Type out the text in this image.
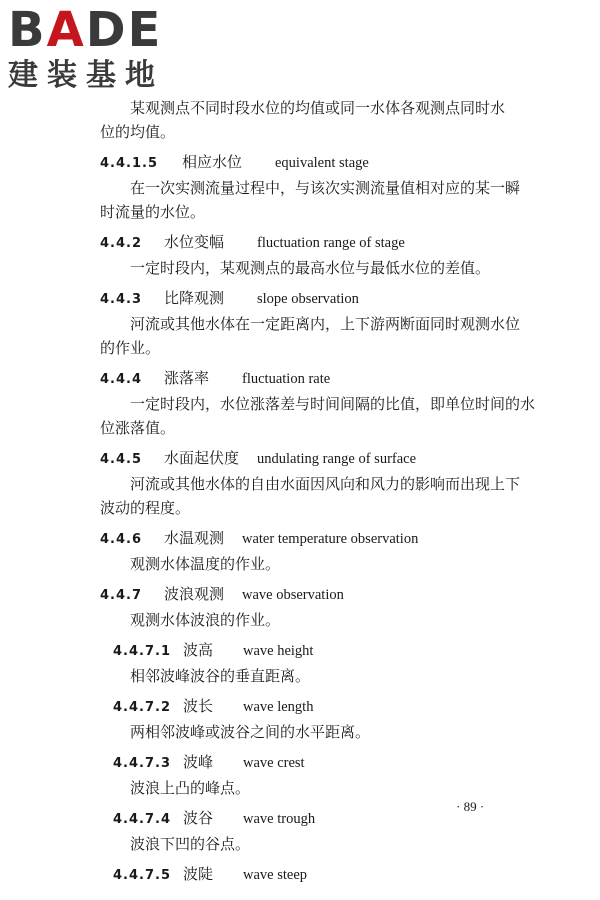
BADE
建装基地
某观测点不同时段水位的均值或同一水体各观测点同时水
位的均值。
4.4.1.5	相应水位	equivalent stage
在一次实测流量过程中，与该次实测流量值相对应的某一瞬
时流量的水位。
4.4.2	水位变幅	fluctuation range of stage
一定时段内，某观测点的最高水位与最低水位的差值。
4.4.3	比降观测	slope observation
河流或其他水体在一定距离内，上下游两断面同时观测水位
的作业。
4.4.4	涨落率	fluctuation rate
一定时段内，水位涨落差与时间间隔的比值，即单位时间的水
位涨落值。
4.4.5	水面起伏度	undulating range of surface
河流或其他水体的自由水面因风向和风力的影响而出现上下
波动的程度。
4.4.6	水温观测	water temperature observation
观测水体温度的作业。
4.4.7	波浪观测	wave observation
观测水体波浪的作业。
4.4.7.1 波高	wave height
相邻波峰波谷的垂直距离。
4.4.7.2 波长	wave length
两相邻波峰或波谷之间的水平距离。
4.4.7.3 波峰	wave crest
波浪上凸的峰点。
4.4.7.4 波谷	wave trough
波浪下凹的谷点。
4.4.7.5 波陡	wave steep
· 89 ·
